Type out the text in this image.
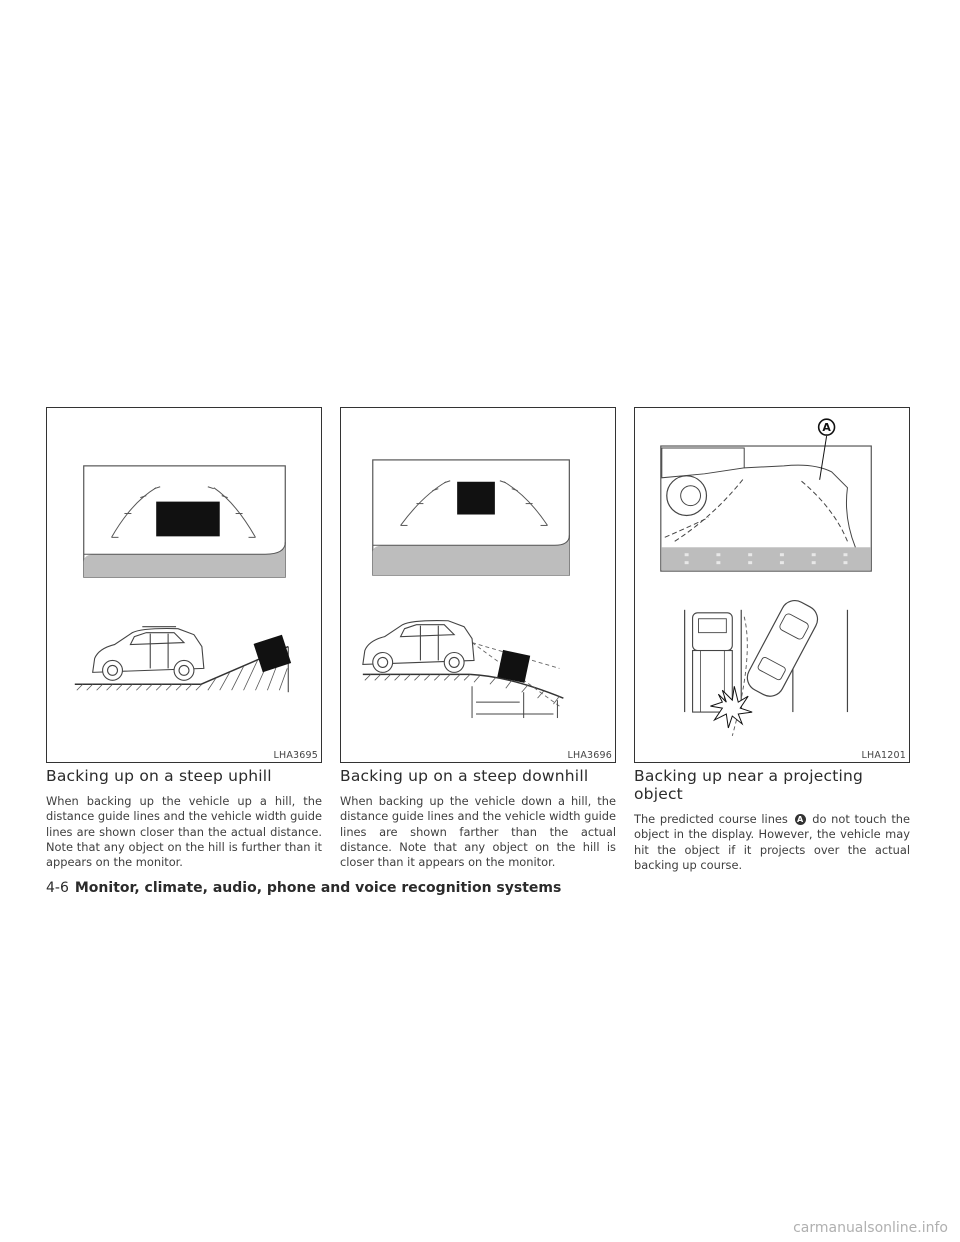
LHA3695	LHA3696
A
LHA1201
Backing up on a steep uphill

When backing up the vehicle up a hill, the distance guide lines and the vehicle width guide lines are shown closer than the actual distance. Note that any object on the hill is further than it appears on the monitor.

Backing up on a steep downhill

When backing up the vehicle down a hill, the distance guide lines and the vehicle width guide lines are shown farther than the actual distance. Note that any object on the hill is closer than it appears on the monitor.

Backing up near a projecting object

The predicted course lines A do not touch the object in the display. However, the vehicle may hit the object if it projects over the actual backing up course.

4-6 Monitor, climate, audio, phone and voice recognition systems
carmanualsonline.info
